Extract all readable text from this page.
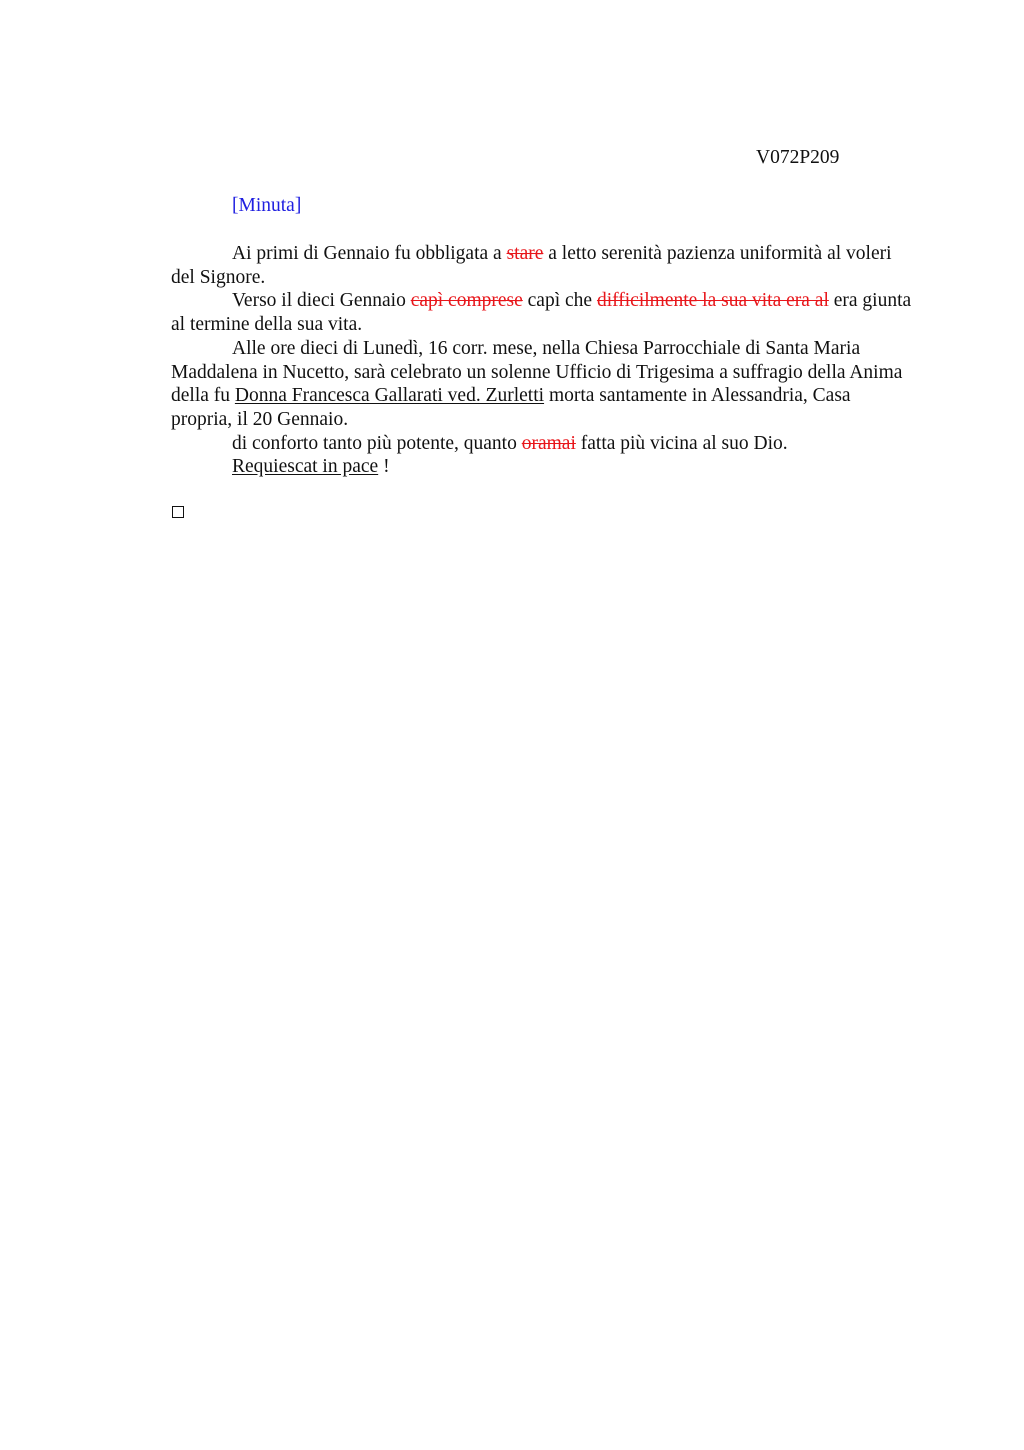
V072P209
[Minuta]

Ai primi di Gennaio fu obbligata a stare a letto serenità pazienza uniformità al voleri del Signore.

Verso il dieci Gennaio capì comprese capì che difficilmente la sua vita era al era giunta al termine della sua vita.

Alle ore dieci di Lunedì, 16 corr. mese, nella Chiesa Parrocchiale di Santa Maria Maddalena in Nucetto, sarà celebrato un solenne Ufficio di Trigesima a suffragio della Anima della fu Donna Francesca Gallarati ved. Zurletti morta santamente in Alessandria, Casa propria, il 20 Gennaio.

di conforto tanto più potente, quanto oramai fatta più vicina al suo Dio.

Requiescat in pace !
